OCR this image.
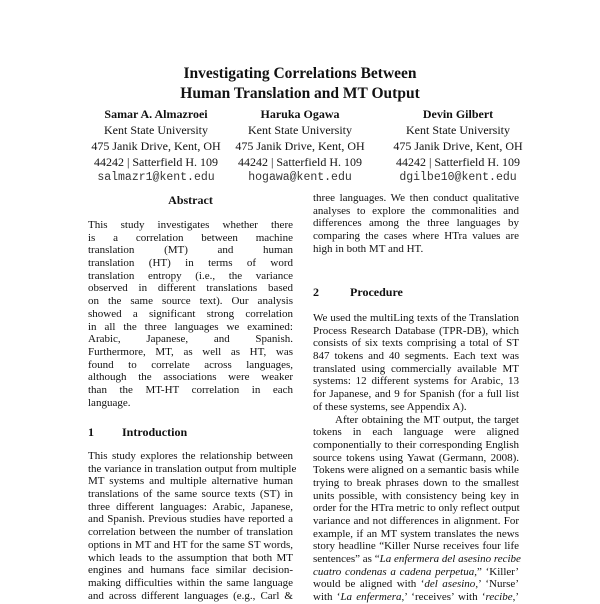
Investigating Correlations Between
Human Translation and MT Output
Samar A. Almazroei
Kent State University
475 Janik Drive, Kent, OH
44242 | Satterfield H. 109
salmazr1@kent.edu
Haruka Ogawa
Kent State University
475 Janik Drive, Kent, OH
44242 | Satterfield H. 109
hogawa@kent.edu
Devin Gilbert
Kent State University
475 Janik Drive, Kent, OH
44242 | Satterfield H. 109
dgilbe10@kent.edu
Abstract
This study investigates whether there
is a correlation between machine
translation (MT) and human
translation (HT) in terms of word
translation entropy (i.e., the variance
observed in different translations based
on the same source text). Our analysis
showed a significant strong correlation
in all the three languages we examined:
Arabic, Japanese, and Spanish.
Furthermore, MT, as well as HT, was
found to correlate across languages,
although the associations were weaker
than the MT-HT correlation in each
language.
1 Introduction
This study explores the relationship between
the variance in translation output from multiple
MT systems and multiple alternative human
translations of the same source texts (ST) in
three different languages: Arabic, Japanese,
and Spanish. Previous studies have reported a
correlation between the number of translation
options in MT and HT for the same ST words,
which leads to the assumption that both MT
engines and humans face similar decision-
making difficulties within the same language
and across different languages (e.g., Carl &
three languages. We then conduct qualitative
analyses to explore the commonalities and
differences among the three languages by
comparing the cases where HTra values are
high in both MT and HT.
2	Procedure
We used the multiLing texts of the Translation
Process Research Database (TPR-DB), which
consists of six texts comprising a total of ST
847 tokens and 40 segments. Each text was
translated using commercially available MT
systems: 12 different systems for Arabic, 13
for Japanese, and 9 for Spanish (for a full list
of these systems, see Appendix A).
After obtaining the MT output, the target
tokens in each language were aligned
componentially to their corresponding English
source tokens using Yawat (Germann, 2008).
Tokens were aligned on a semantic basis while
trying to break phrases down to the smallest
units possible, with consistency being key in
order for the HTra metric to only reflect output
variance and not differences in alignment. For
example, if an MT system translates the news
story headline “Killer Nurse receives four life
sentences” as “La enfermera del asesino recibe
cuatro condenas a cadena perpetua,” ‘Killer’
would be aligned with ‘del asesino,’ ‘Nurse’
with ‘La enfermera,’ ‘receives’ with ‘recibe,’
